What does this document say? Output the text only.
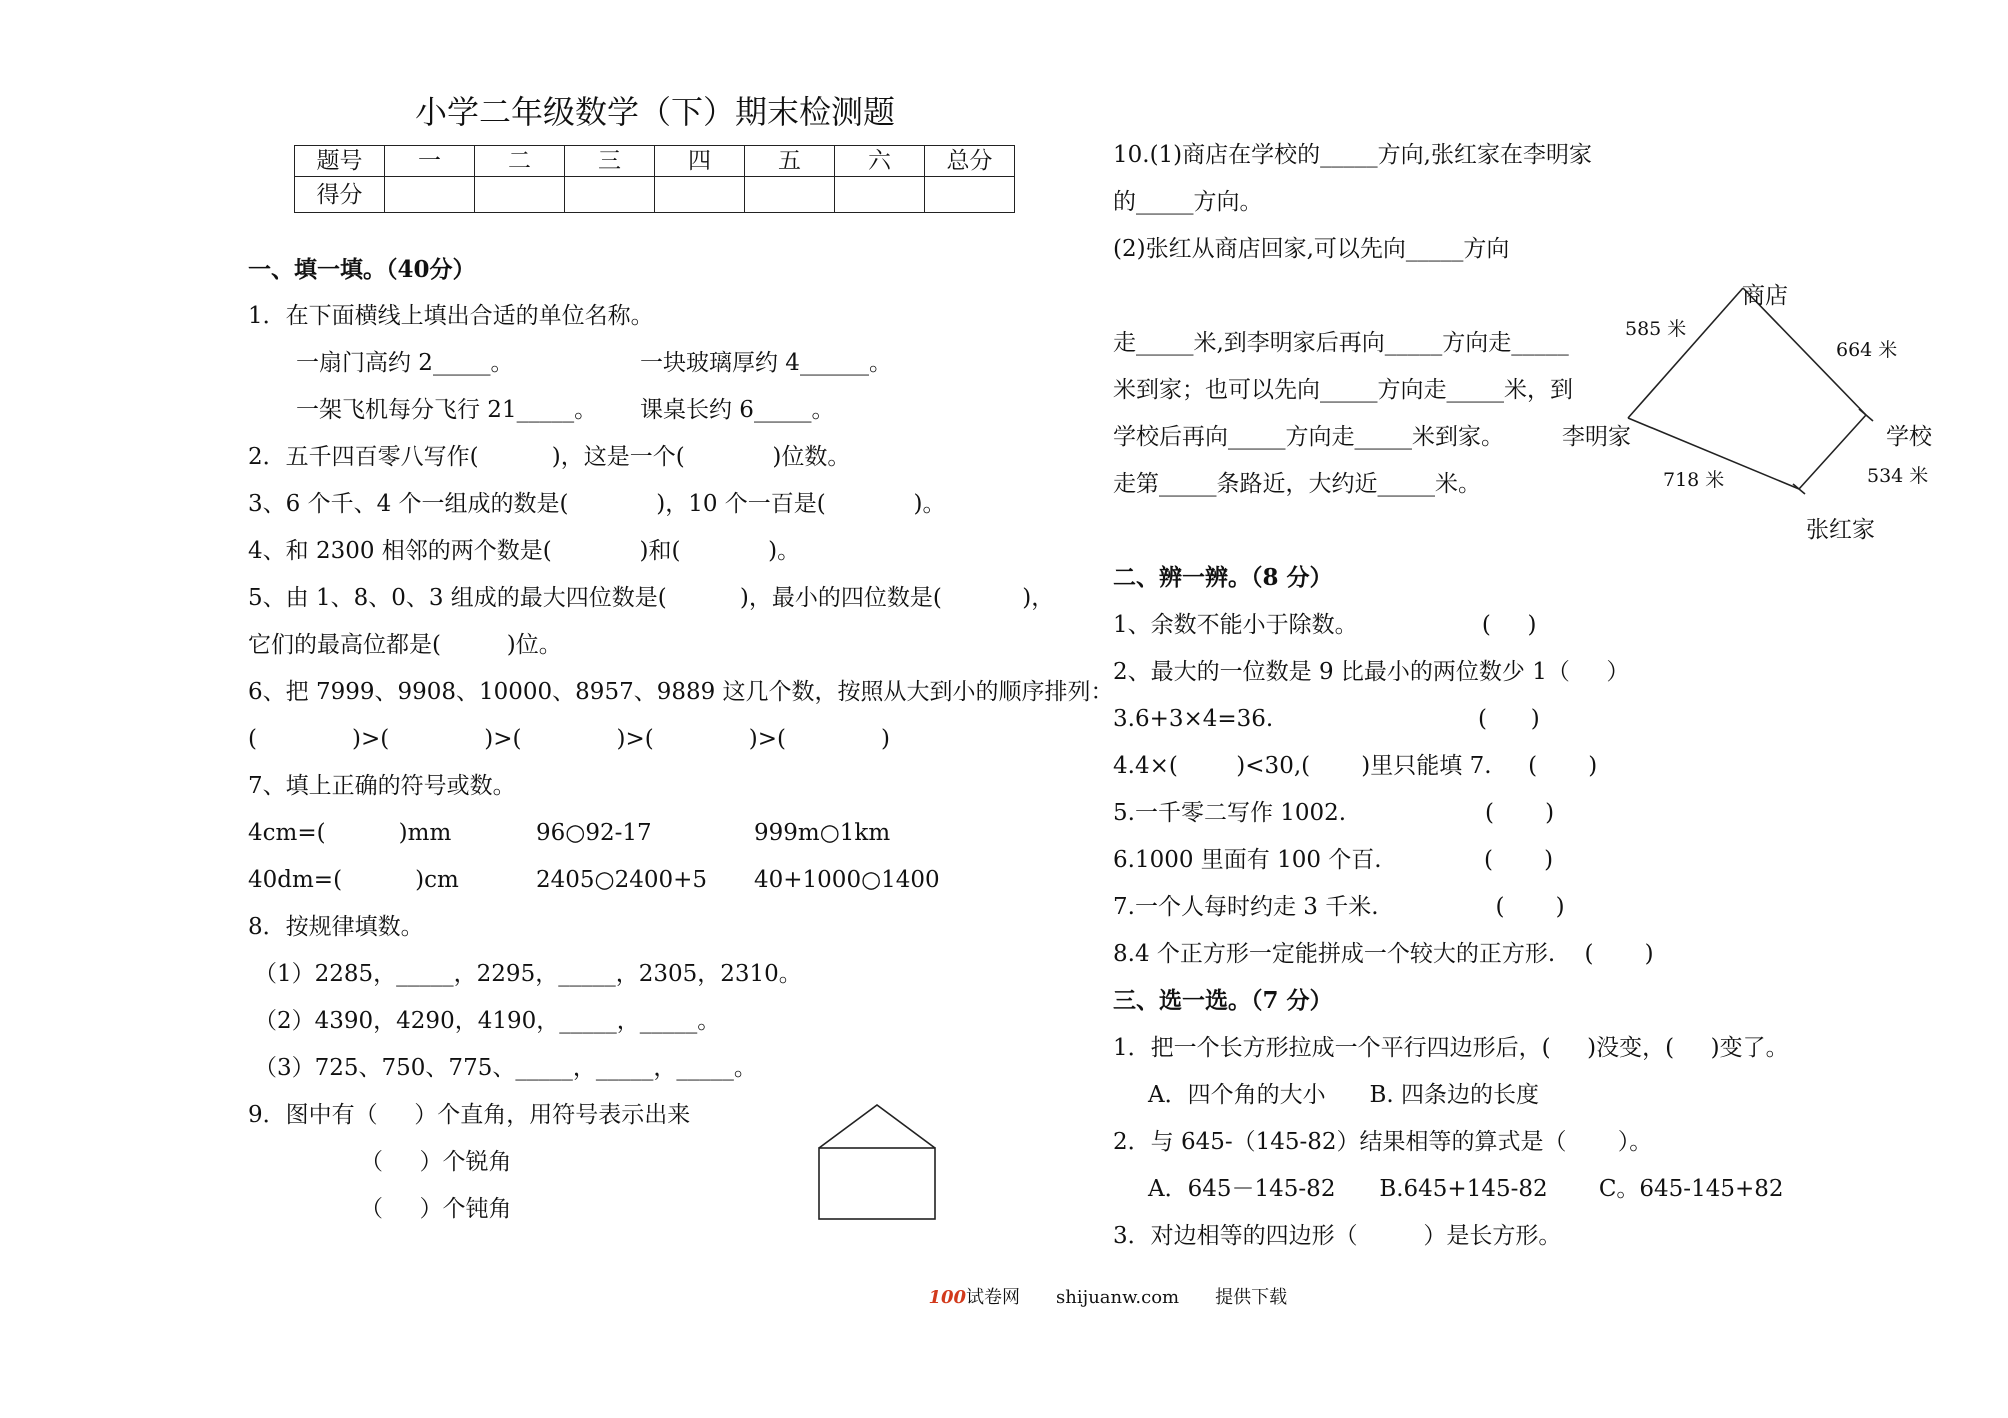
小学二年级数学（下）期末检测题
题号	一	二	三	四	五	六	总分
得分							
一、填一填。（40分）
1．在下面横线上填出合适的单位名称。
一扇门高约 2_____。	一块玻璃厚约 4______。
一架飞机每分飞行 21_____。 课桌长约 6_____。
2．五千四百零八写作(          )，这是一个(            )位数。
3、6 个千、4 个一组成的数是(            )，10 个一百是(            )。
4、和 2300 相邻的两个数是(            )和(            )。
5、由 1、8、0、3 组成的最大四位数是(          )，最小的四位数是(           )，
它们的最高位都是(         )位。
6、把 7999、9908、10000、8957、9889 这几个数，按照从大到小的顺序排列：
(             )>(             )>(             )>(             )>(             )
7、填上正确的符号或数。
4cm=(          )mm	96○92-17	999m○1km
40dm=(          )cm	2405○2400+5 40+1000○1400
8．按规律填数。
（1）2285，_____，2295，_____，2305，2310。
（2）4390，4290，4190，_____，_____。
（3）725、750、775、_____，_____，_____。
9．图中有（     ）个直角，用符号表示出来
（     ）个锐角
（     ）个钝角
10.(1)商店在学校的_____方向,张红家在李明家
的_____方向。
(2)张红从商店回家,可以先向_____方向
走_____米,到李明家后再向_____方向走_____
米到家；也可以先向_____方向走_____米，到
学校后再向_____方向走_____米到家。
走第_____条路近，大约近_____米。
商店
学校
李明家
张红家
585 米
664 米
718 米	534 米
二、辨一辨。（8 分）
1、余数不能小于除数。                 (     )
2、最大的一位数是 9 比最小的两位数少 1（     ）
3.6+3×4=36.                            (      )
4.4×(        )<30,(       )里只能填 7.     (       )
5.一千零二写作 1002.                   (       )
6.1000 里面有 100 个百.              (       )
7.一个人每时约走 3 千米.                (       )
8.4 个正方形一定能拼成一个较大的正方形.    (       )
三、选一选。（7 分）
1．把一个长方形拉成一个平行四边形后，(     )没变，(     )变了。
A．四个角的大小      B. 四条边的长度
2．与 645-（145-82）结果相等的算式是（       ）。
A．645－145-82      B.645+145-82       C。645-145+82
3．对边相等的四边形（         ）是长方形。

100试卷网 shijuanw.com 提供下载
